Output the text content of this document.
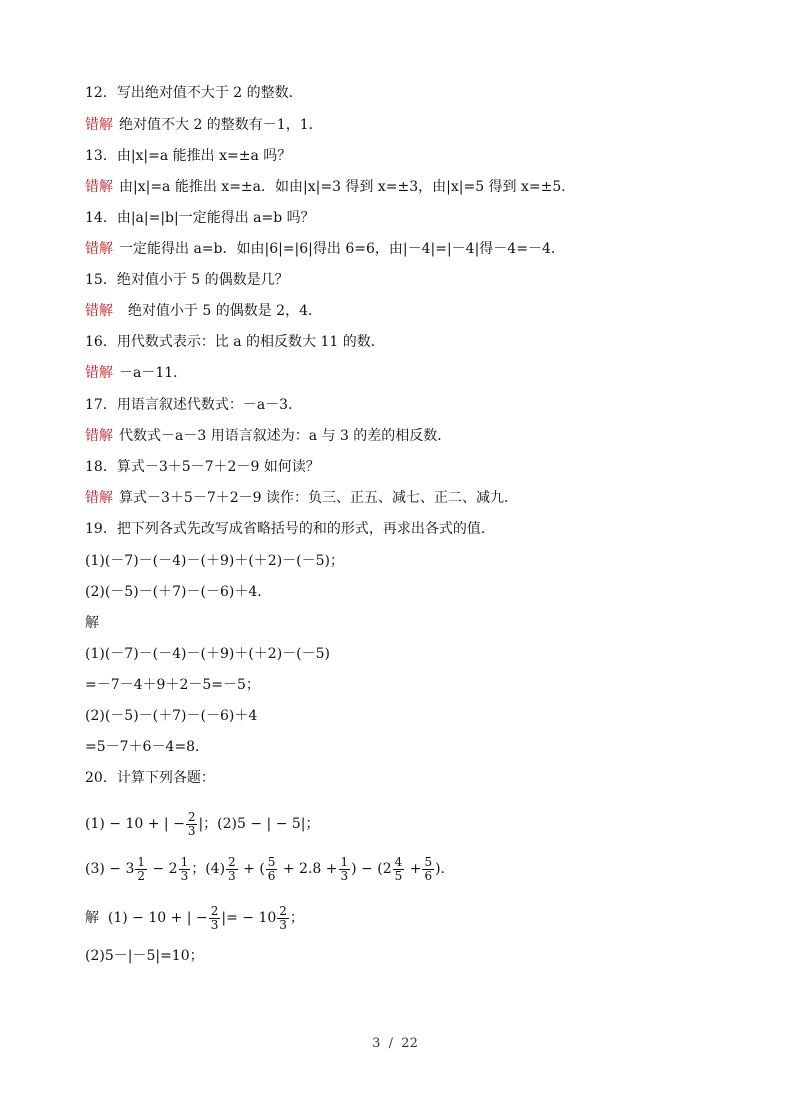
12．写出绝对值不大于 2 的整数．
错解 绝对值不大 2 的整数有－1，1．
13．由|x|=a 能推出 x=±a 吗？
错解 由|x|=a 能推出 x=±a．如由|x|=3 得到 x=±3，由|x|=5 得到 x=±5．
14．由|a|=|b|一定能得出 a=b 吗？
错解 一定能得出 a=b．如由|6|=|6|得出 6=6，由|－4|=|－4|得－4=－4．
15．绝对值小于 5 的偶数是几？
错解  绝对值小于 5 的偶数是 2，4．
16．用代数式表示：比 a 的相反数大 11 的数．
错解 －a－11．
17．用语言叙述代数式：－a－3．
错解 代数式－a－3 用语言叙述为：a 与 3 的差的相反数．
18．算式－3＋5－7＋2－9 如何读？
错解 算式－3＋5－7＋2－9 读作：负三、正五、减七、正二、减九．
19．把下列各式先改写成省略括号的和的形式，再求出各式的值．
(1)(－7)－(－4)－(＋9)＋(＋2)－(－5)；
(2)(－5)－(＋7)－(－6)＋4．
解
(1)(－7)－(－4)－(＋9)＋(＋2)－(－5)
=－7－4＋9＋2－5=－5；
(2)(－5)－(＋7)－(－6)＋4
=5－7＋6－4=8．
20．计算下列各题：
(1) − 10 + | − $\frac{2}{3}$ |；(2)5 − | − 5|；
$(3) - 3 \frac{1}{2} - 2 \frac{1}{3}$ ；$(4) \frac{2}{3}$ + ( $\frac{5}{6} + 2.8 + \frac{1}{3}$ ) − ($2 \frac{4}{5} + \frac{5}{6}$ ).
解  (1) − 10 + | − $\frac{2}{3}$ |= − $10 \frac{2}{3}$ ；
(2)5－|－5|=10；
3  /  22
